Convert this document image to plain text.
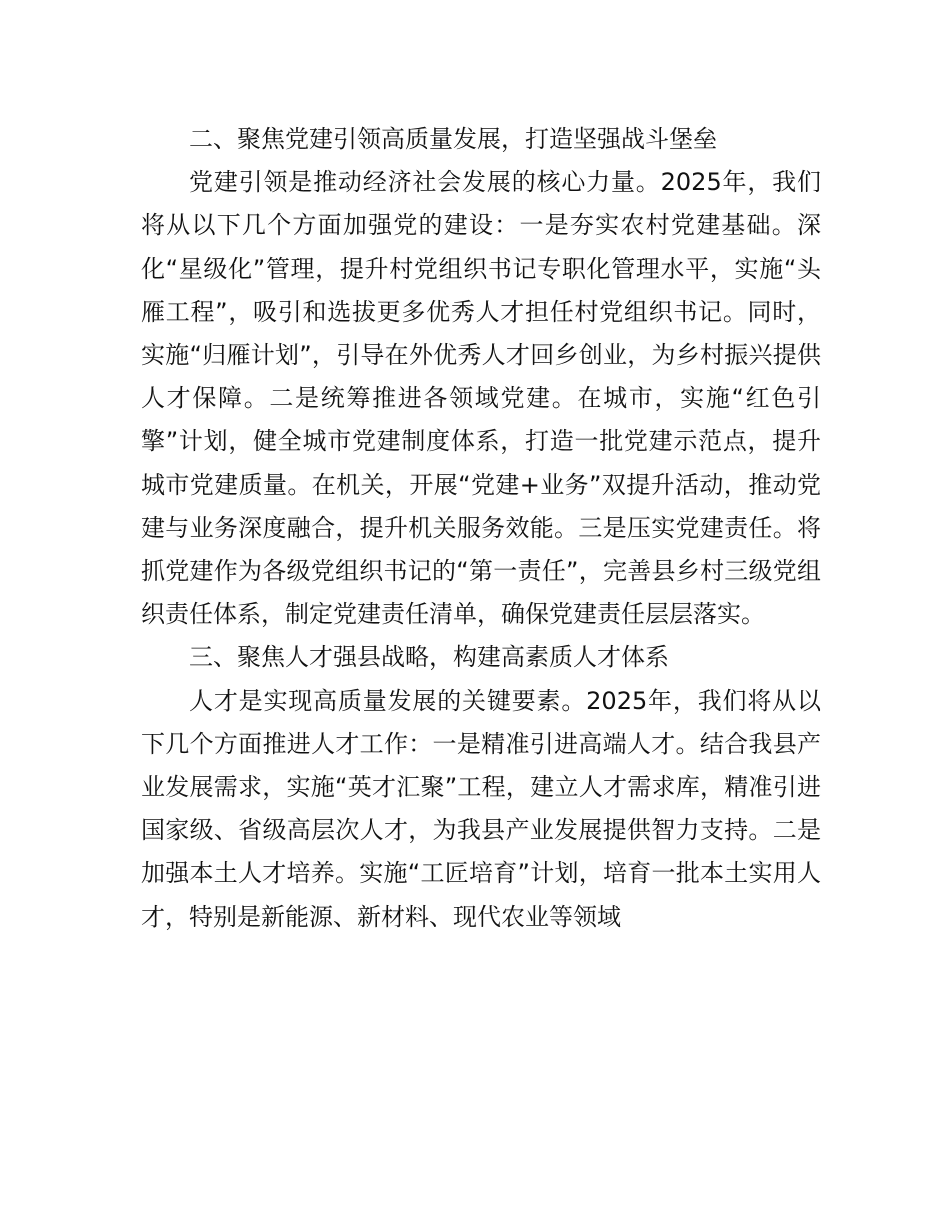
二、聚焦党建引领高质量发展，打造坚强战斗堡垒

党建引领是推动经济社会发展的核心力量。2025年，我们将从以下几个方面加强党的建设：一是夯实农村党建基础。深化“星级化”管理，提升村党组织书记专职化管理水平，实施“头雁工程”，吸引和选拔更多优秀人才担任村党组织书记。同时，实施“归雁计划”，引导在外优秀人才回乡创业，为乡村振兴提供人才保障。二是统筹推进各领域党建。在城市，实施“红色引擎”计划，健全城市党建制度体系，打造一批党建示范点，提升城市党建质量。在机关，开展“党建+业务”双提升活动，推动党建与业务深度融合，提升机关服务效能。三是压实党建责任。将抓党建作为各级党组织书记的“第一责任”，完善县乡村三级党组织责任体系，制定党建责任清单，确保党建责任层层落实。

三、聚焦人才强县战略，构建高素质人才体系

人才是实现高质量发展的关键要素。2025年，我们将从以下几个方面推进人才工作：一是精准引进高端人才。结合我县产业发展需求，实施“英才汇聚”工程，建立人才需求库，精准引进国家级、省级高层次人才，为我县产业发展提供智力支持。二是加强本土人才培养。实施“工匠培育”计划，培育一批本土实用人才，特别是新能源、新材料、现代农业等领域
